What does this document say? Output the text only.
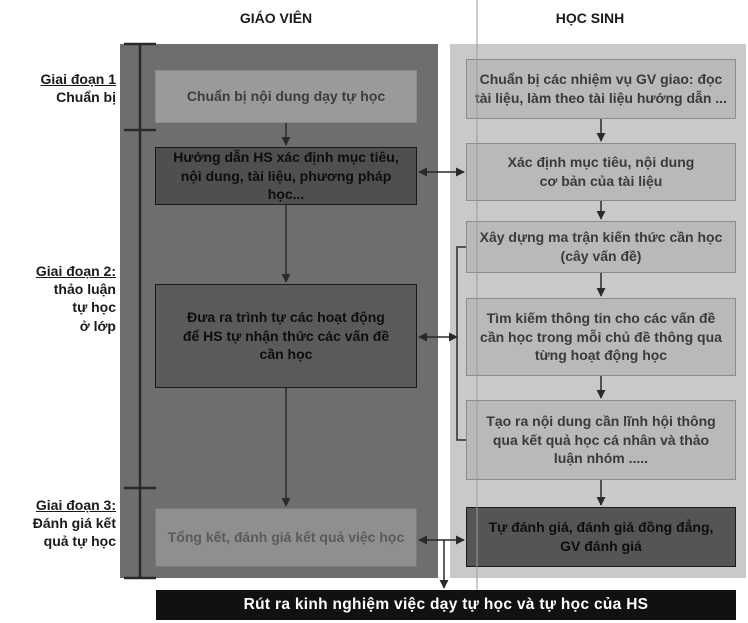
GIÁO VIÊN	HỌC SINH
Giai đoạn 1
Chuẩn bị
Giai đoạn 2:
thảo luận
tự học
ở lớp
Giai đoạn 3:
Đánh giá kết
quả tự học
Chuẩn bị nội dung dạy tự học
Hướng dẫn HS xác định mục tiêu,
nội dung, tài liệu, phương pháp học...
Đưa ra trình tự các hoạt động
để HS tự nhận thức các vấn đề
cần học
Tổng kết, đánh giá kết quả việc học
Chuẩn bị các nhiệm vụ GV giao: đọc
tài liệu, làm theo tài liệu hướng dẫn ...
Xác định mục tiêu, nội dung
cơ bản của tài liệu
Xây dựng ma trận kiến thức cần học
(cây vấn đề)
Tìm kiếm thông tin cho các vấn đề
cần học trong mỗi chủ đề thông qua
từng hoạt động học
Tạo ra nội dung cần lĩnh hội thông
qua kết quả học cá nhân và thảo
luận nhóm .....
Tự đánh giá, đánh giá đồng đẳng,
GV đánh giá
Rút ra kinh nghiệm việc dạy tự học và tự học của HS
